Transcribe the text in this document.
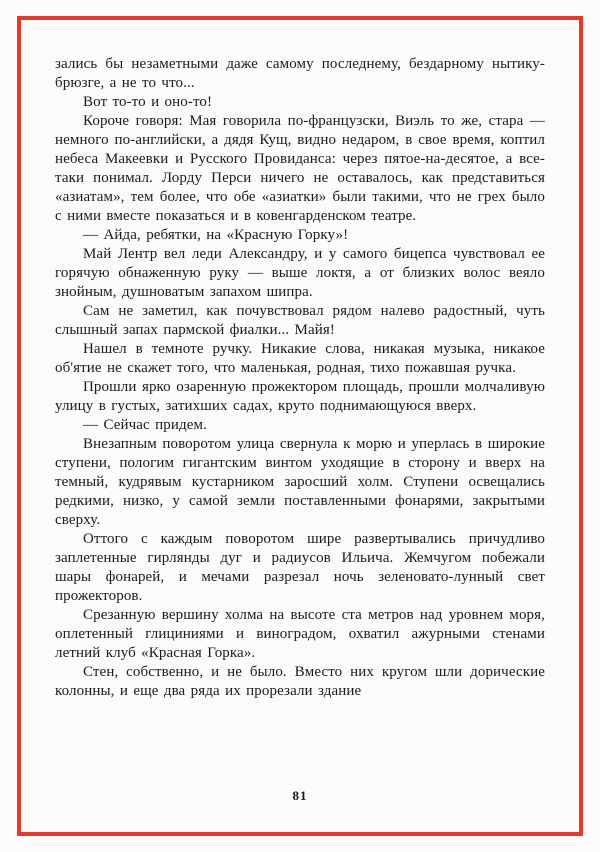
зались бы незаметными даже самому последнему, бездарному нытику-брюзге, а не то что...

Вот то-то и оно-то!

Короче говоря: Мая говорила по-французски, Виэль то же, стара — немного по-английски, а дядя Кущ, видно недаром, в свое время, коптил небеса Макеевки и Русского Провиданса: через пятое-на-десятое, а все-таки понимал. Лорду Перси ничего не оставалось, как представиться «азиатам», тем более, что обе «азиатки» были такими, что не грех было с ними вместе показаться и в ковенгарденском театре.

— Айда, ребятки, на «Красную Горку»!

Май Лентр вел леди Александру, и у самого бицепса чувствовал ее горячую обнаженную руку — выше локтя, а от близких волос веяло знойным, душноватым запахом шипра.

Сам не заметил, как почувствовал рядом налево радостный, чуть слышный запах пармской фиалки... Майя!

Нашел в темноте ручку. Никакие слова, никакая музыка, никакое об'ятие не скажет того, что маленькая, родная, тихо пожавшая ручка.

Прошли ярко озаренную прожектором площадь, прошли молчаливую улицу в густых, затихших садах, круто поднимающуюся вверх.

— Сейчас придем.

Внезапным поворотом улица свернула к морю и уперлась в широкие ступени, пологим гигантским винтом уходящие в сторону и вверх на темный, кудрявым кустарником заросший холм. Ступени освещались редкими, низко, у самой земли поставленными фонарями, закрытыми сверху.

Оттого с каждым поворотом шире развертывались причудливо заплетенные гирлянды дуг и радиусов Ильича. Жемчугом побежали шары фонарей, и мечами разрезал ночь зеленовато-лунный свет прожекторов.

Срезанную вершину холма на высоте ста метров над уровнем моря, оплетенный глициниями и виноградом, охватил ажурными стенами летний клуб «Красная Горка».

Стен, собственно, и не было. Вместо них кругом шли дорические колонны, и еще два ряда их прорезали здание

81
